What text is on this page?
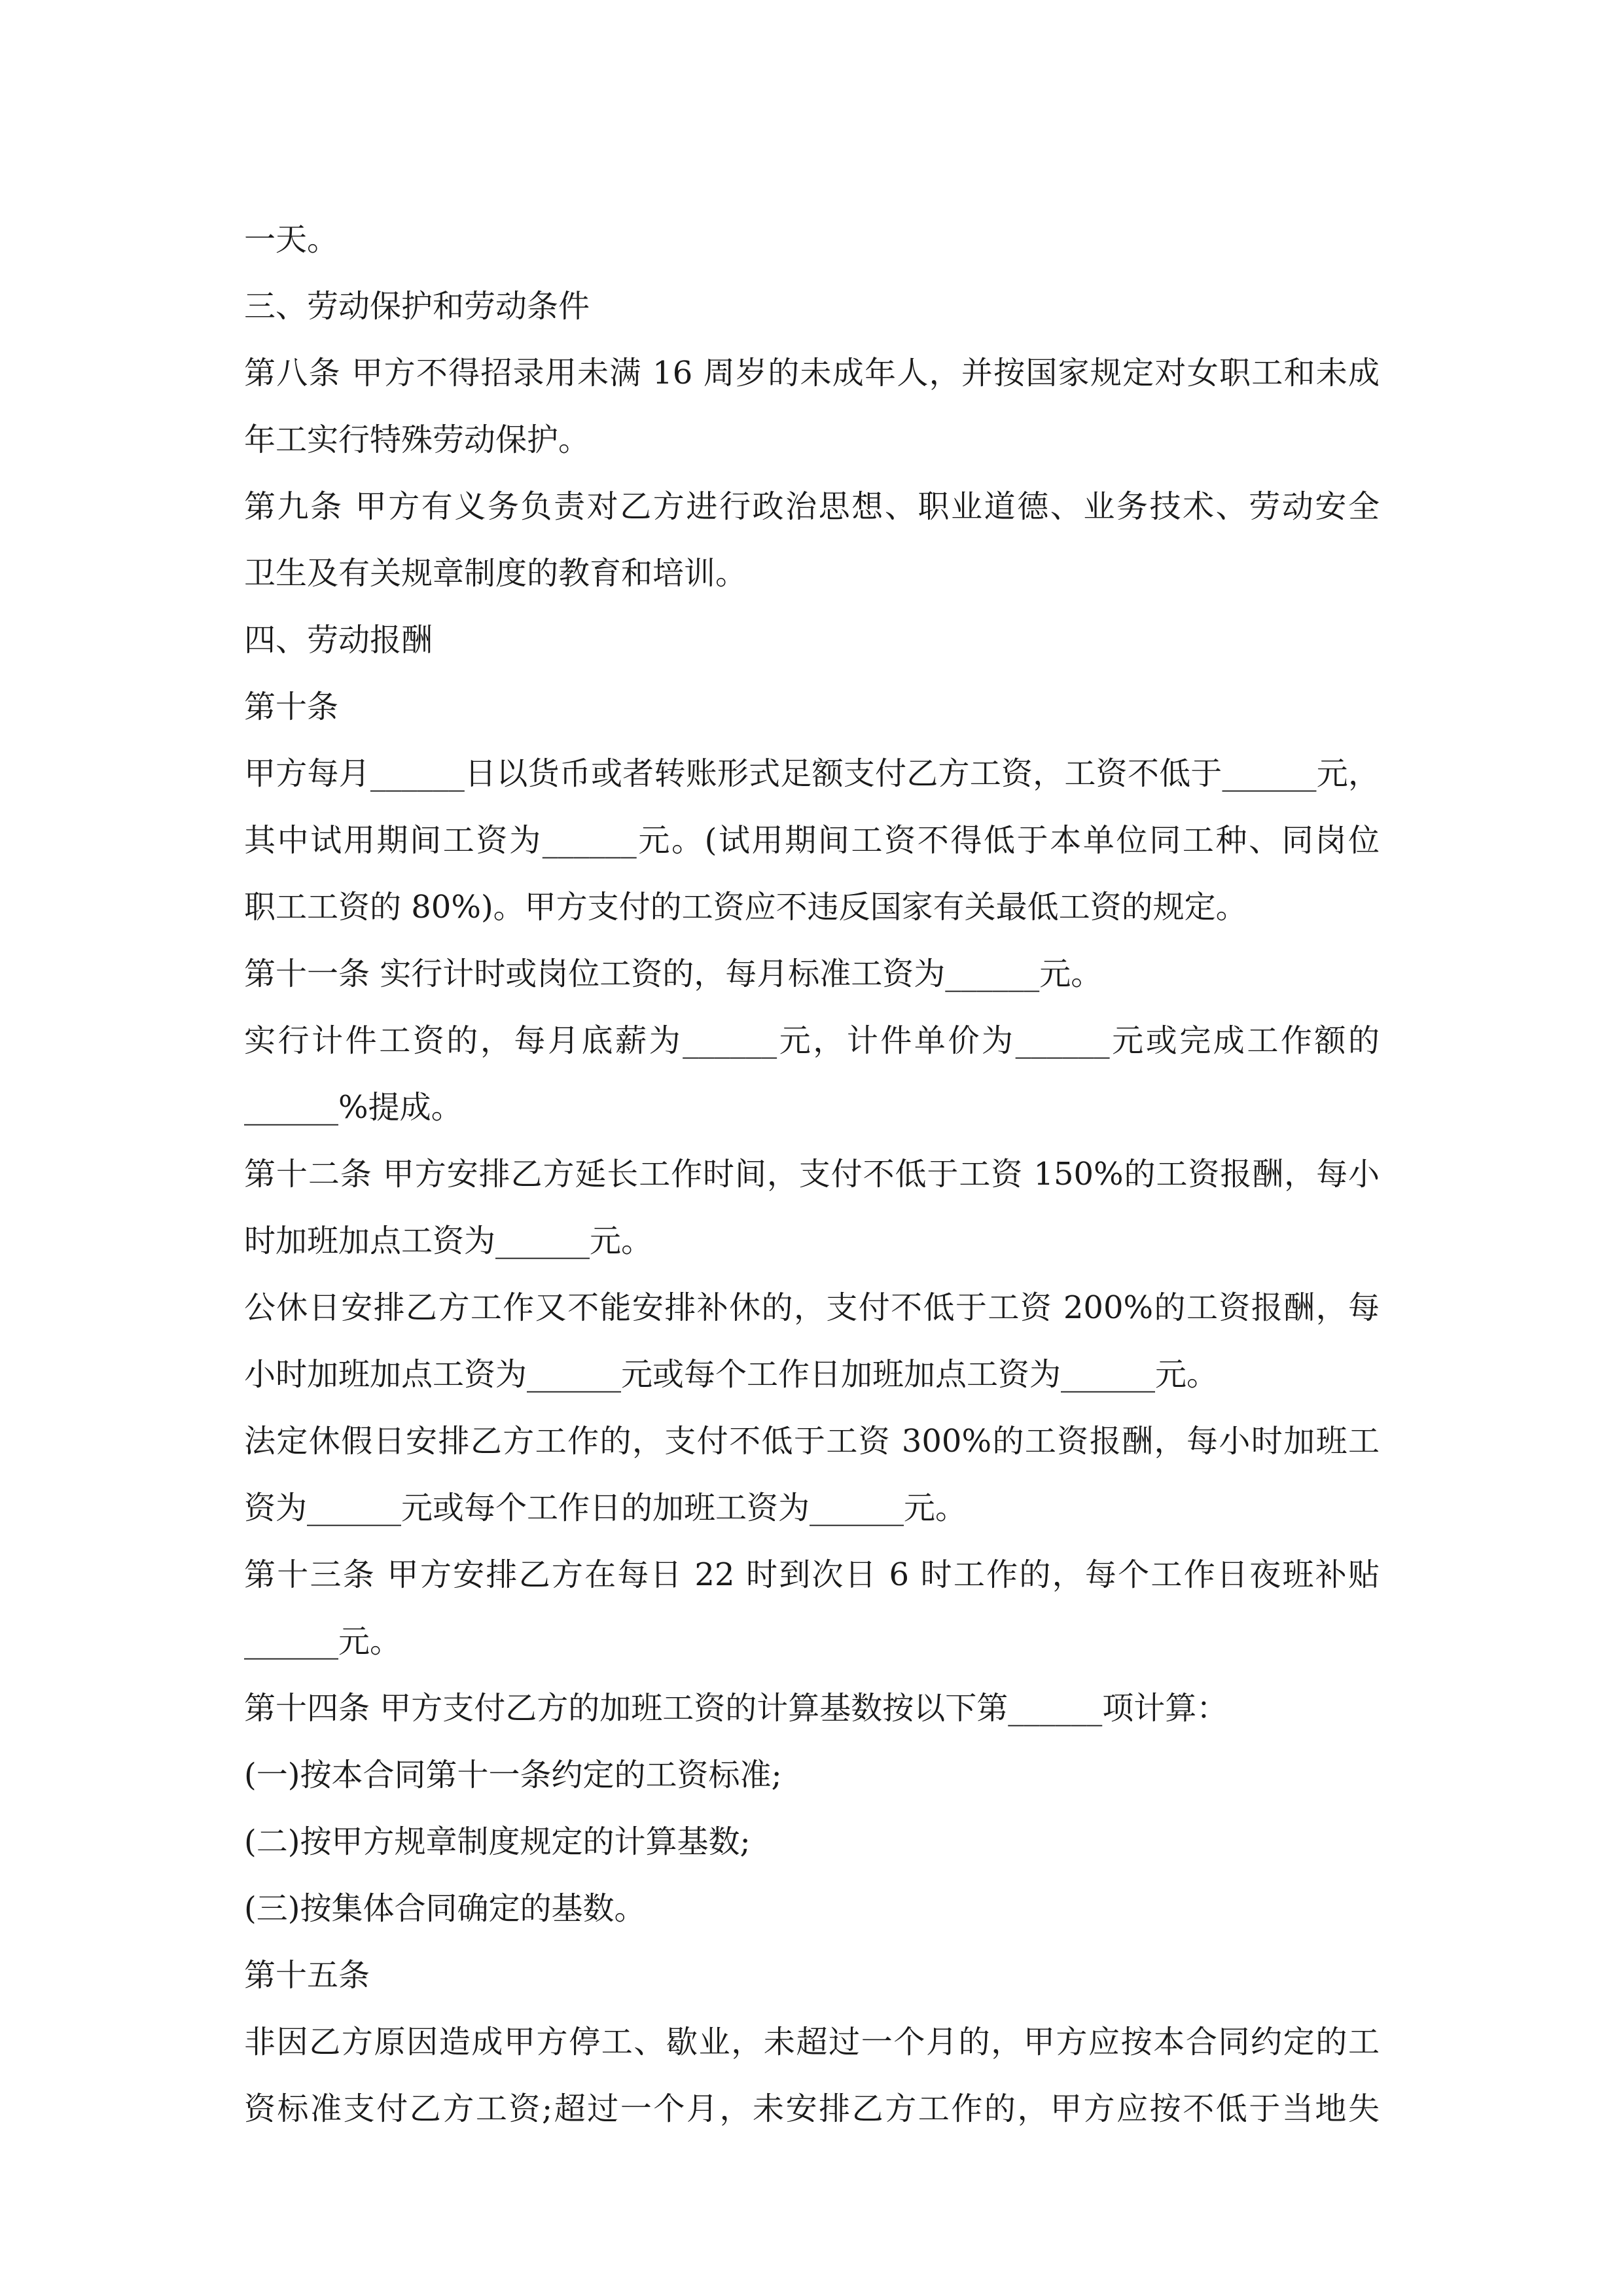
一天。
三、劳动保护和劳动条件
第八条 甲方不得招录用未满 16 周岁的未成年人，并按国家规定对女职工和未成
年工实行特殊劳动保护。
第九条 甲方有义务负责对乙方进行政治思想、职业道德、业务技术、劳动安全
卫生及有关规章制度的教育和培训。
四、劳动报酬
第十条
甲方每月______日以货币或者转账形式足额支付乙方工资，工资不低于______元，
其中试用期间工资为______元。(试用期间工资不得低于本单位同工种、同岗位
职工工资的 80%)。甲方支付的工资应不违反国家有关最低工资的规定。
第十一条 实行计时或岗位工资的，每月标准工资为______元。
实行计件工资的，每月底薪为______元，计件单价为______元或完成工作额的
______%提成。
第十二条 甲方安排乙方延长工作时间，支付不低于工资 150%的工资报酬，每小
时加班加点工资为______元。
公休日安排乙方工作又不能安排补休的，支付不低于工资 200%的工资报酬，每
小时加班加点工资为______元或每个工作日加班加点工资为______元。
法定休假日安排乙方工作的，支付不低于工资 300%的工资报酬，每小时加班工
资为______元或每个工作日的加班工资为______元。
第十三条 甲方安排乙方在每日 22 时到次日 6 时工作的，每个工作日夜班补贴
______元。
第十四条 甲方支付乙方的加班工资的计算基数按以下第______项计算：
(一)按本合同第十一条约定的工资标准;
(二)按甲方规章制度规定的计算基数;
(三)按集体合同确定的基数。
第十五条
非因乙方原因造成甲方停工、歇业，未超过一个月的，甲方应按本合同约定的工
资标准支付乙方工资;超过一个月，未安排乙方工作的，甲方应按不低于当地失
